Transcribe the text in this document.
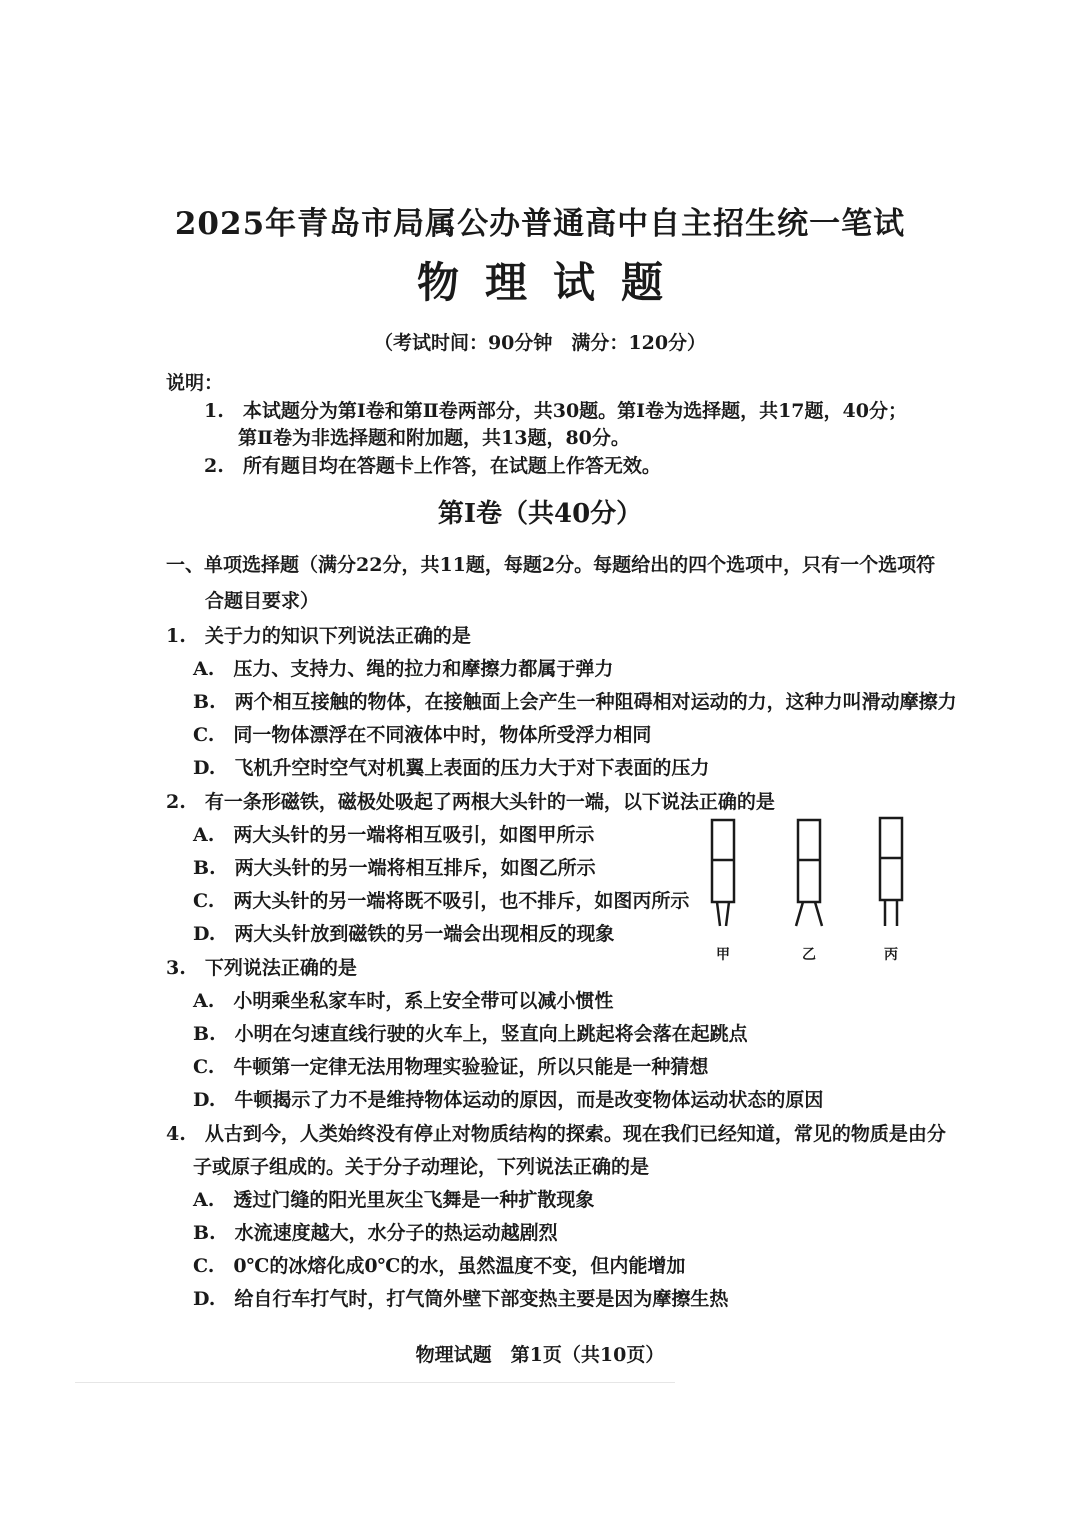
2025年青岛市局属公办普通高中自主招生统一笔试
物理试题
（考试时间：90分钟　满分：120分）
说明：
1.　本试题分为第Ⅰ卷和第Ⅱ卷两部分，共30题。第Ⅰ卷为选择题，共17题，40分；
第Ⅱ卷为非选择题和附加题，共13题，80分。
2.　所有题目均在答题卡上作答，在试题上作答无效。
第Ⅰ卷（共40分）
一、单项选择题（满分22分，共11题，每题2分。每题给出的四个选项中，只有一个选项符
合题目要求）
1.　关于力的知识下列说法正确的是
A.　压力、支持力、绳的拉力和摩擦力都属于弹力
B.　两个相互接触的物体，在接触面上会产生一种阻碍相对运动的力，这种力叫滑动摩擦力
C.　同一物体漂浮在不同液体中时，物体所受浮力相同
D.　飞机升空时空气对机翼上表面的压力大于对下表面的压力
2.　有一条形磁铁，磁极处吸起了两根大头针的一端，以下说法正确的是
A.　两大头针的另一端将相互吸引，如图甲所示
B.　两大头针的另一端将相互排斥，如图乙所示
C.　两大头针的另一端将既不吸引，也不排斥，如图丙所示
D.　两大头针放到磁铁的另一端会出现相反的现象
甲	乙	丙
3.　下列说法正确的是
A.　小明乘坐私家车时，系上安全带可以减小惯性
B.　小明在匀速直线行驶的火车上，竖直向上跳起将会落在起跳点
C.　牛顿第一定律无法用物理实验验证，所以只能是一种猜想
D.　牛顿揭示了力不是维持物体运动的原因，而是改变物体运动状态的原因
4.　从古到今，人类始终没有停止对物质结构的探索。现在我们已经知道，常见的物质是由分
子或原子组成的。关于分子动理论，下列说法正确的是
A.　透过门缝的阳光里灰尘飞舞是一种扩散现象
B.　水流速度越大，水分子的热运动越剧烈
C.　0℃的冰熔化成0℃的水，虽然温度不变，但内能增加
D.　给自行车打气时，打气筒外壁下部变热主要是因为摩擦生热
物理试题　第1页（共10页）
